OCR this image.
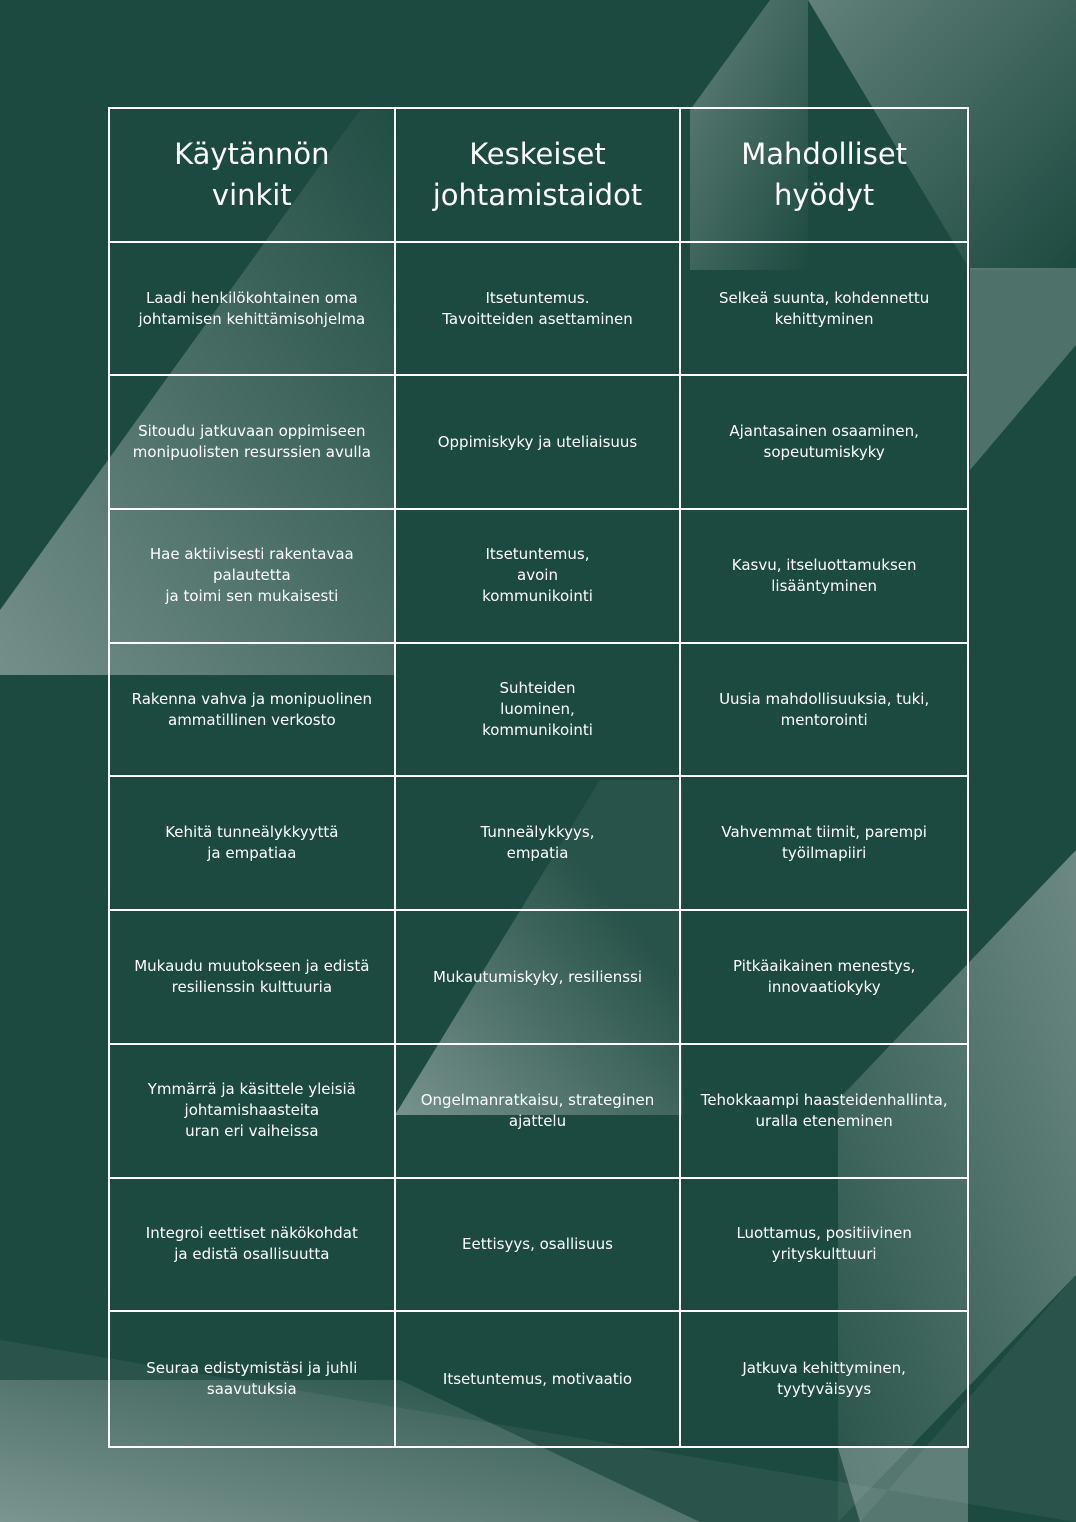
Käytännön
vinkit
Keskeiset
johtamistaidot
Mahdolliset
hyödyt
Laadi henkilökohtainen oma
johtamisen kehittämisohjelma
Itsetuntemus.
Tavoitteiden asettaminen
Selkeä suunta, kohdennettu
kehittyminen
Sitoudu jatkuvaan oppimiseen
monipuolisten resurssien avulla
Oppimiskyky ja uteliaisuus
Ajantasainen osaaminen,
sopeutumiskyky
Hae aktiivisesti rakentavaa
palautetta
ja toimi sen mukaisesti
Itsetuntemus,
avoin
kommunikointi
Kasvu, itseluottamuksen
lisääntyminen
Rakenna vahva ja monipuolinen
ammatillinen verkosto
Suhteiden
luominen,
kommunikointi
Uusia mahdollisuuksia, tuki,
mentorointi
Kehitä tunneälykkyyttä
ja empatiaa
Tunneälykkyys,
empatia
Vahvemmat tiimit, parempi
työilmapiiri
Mukaudu muutokseen ja edistä
resilienssin kulttuuria
Mukautumiskyky, resilienssi
Pitkäaikainen menestys,
innovaatiokyky
Ymmärrä ja käsittele yleisiä
johtamishaasteita
uran eri vaiheissa
Ongelmanratkaisu, strateginen
ajattelu
Tehokkaampi haasteidenhallinta,
uralla eteneminen
Integroi eettiset näkökohdat
ja edistä osallisuutta
Eettisyys, osallisuus
Luottamus, positiivinen
yrityskulttuuri
Seuraa edistymistäsi ja juhli
saavutuksia
Itsetuntemus, motivaatio
Jatkuva kehittyminen, tyytyväisyys
